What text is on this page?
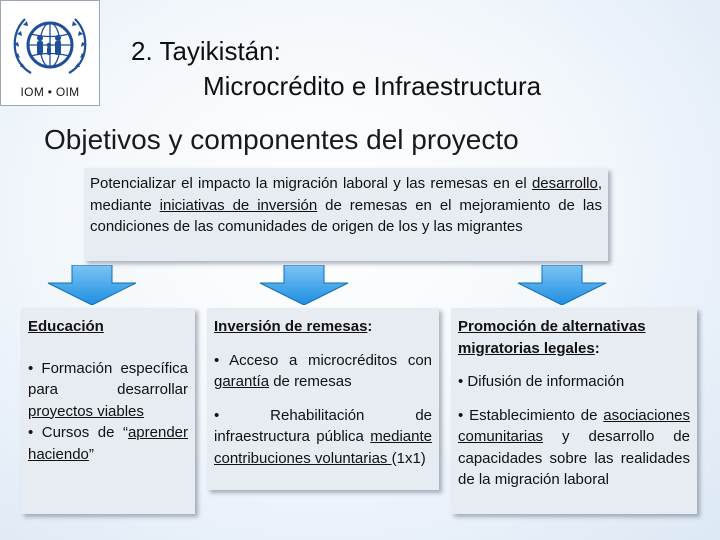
IOM • OIM
2. Tayikistán:
Microcrédito e Infraestructura
Objetivos y componentes del proyecto
Potencializar el impacto la migración laboral y las remesas en el desarrollo, mediante iniciativas de inversión de remesas en el mejoramiento de las condiciones de las comunidades de origen de los y las migrantes

Educación

• Formación específica para desarrollar proyectos viables

• Cursos de “aprender haciendo”

Inversión de remesas:

• Acceso a microcréditos con garantía de remesas

• Rehabilitación de infraestructura pública mediante contribuciones voluntarias (1x1)

Promoción de alternativas migratorias legales:

• Difusión de información

• Establecimiento de asociaciones comunitarias y desarrollo de capacidades sobre las realidades de la migración laboral
